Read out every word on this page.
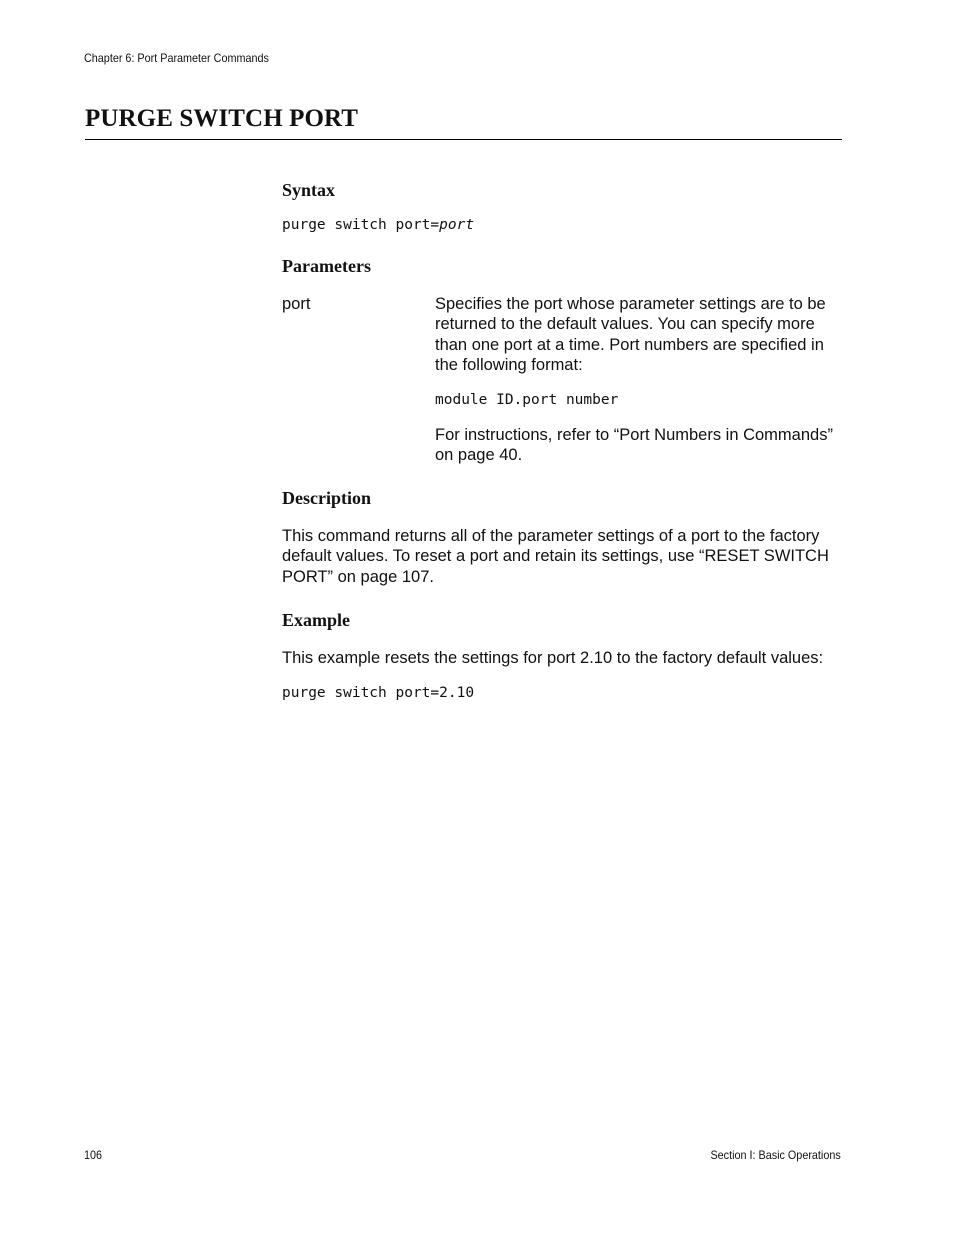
Chapter 6: Port Parameter Commands
PURGE SWITCH PORT
Syntax
purge switch port=port
Parameters
port	Specifies the port whose parameter settings are to be returned to the default values. You can specify more than one port at a time. Port numbers are specified in the following format:

module ID.port number

For instructions, refer to “Port Numbers in Commands” on page 40.

Description

This command returns all of the parameter settings of a port to the factory default values. To reset a port and retain its settings, use “RESET SWITCH PORT” on page 107.

Example

This example resets the settings for port 2.10 to the factory default values:

purge switch port=2.10
106	Section I: Basic Operations
